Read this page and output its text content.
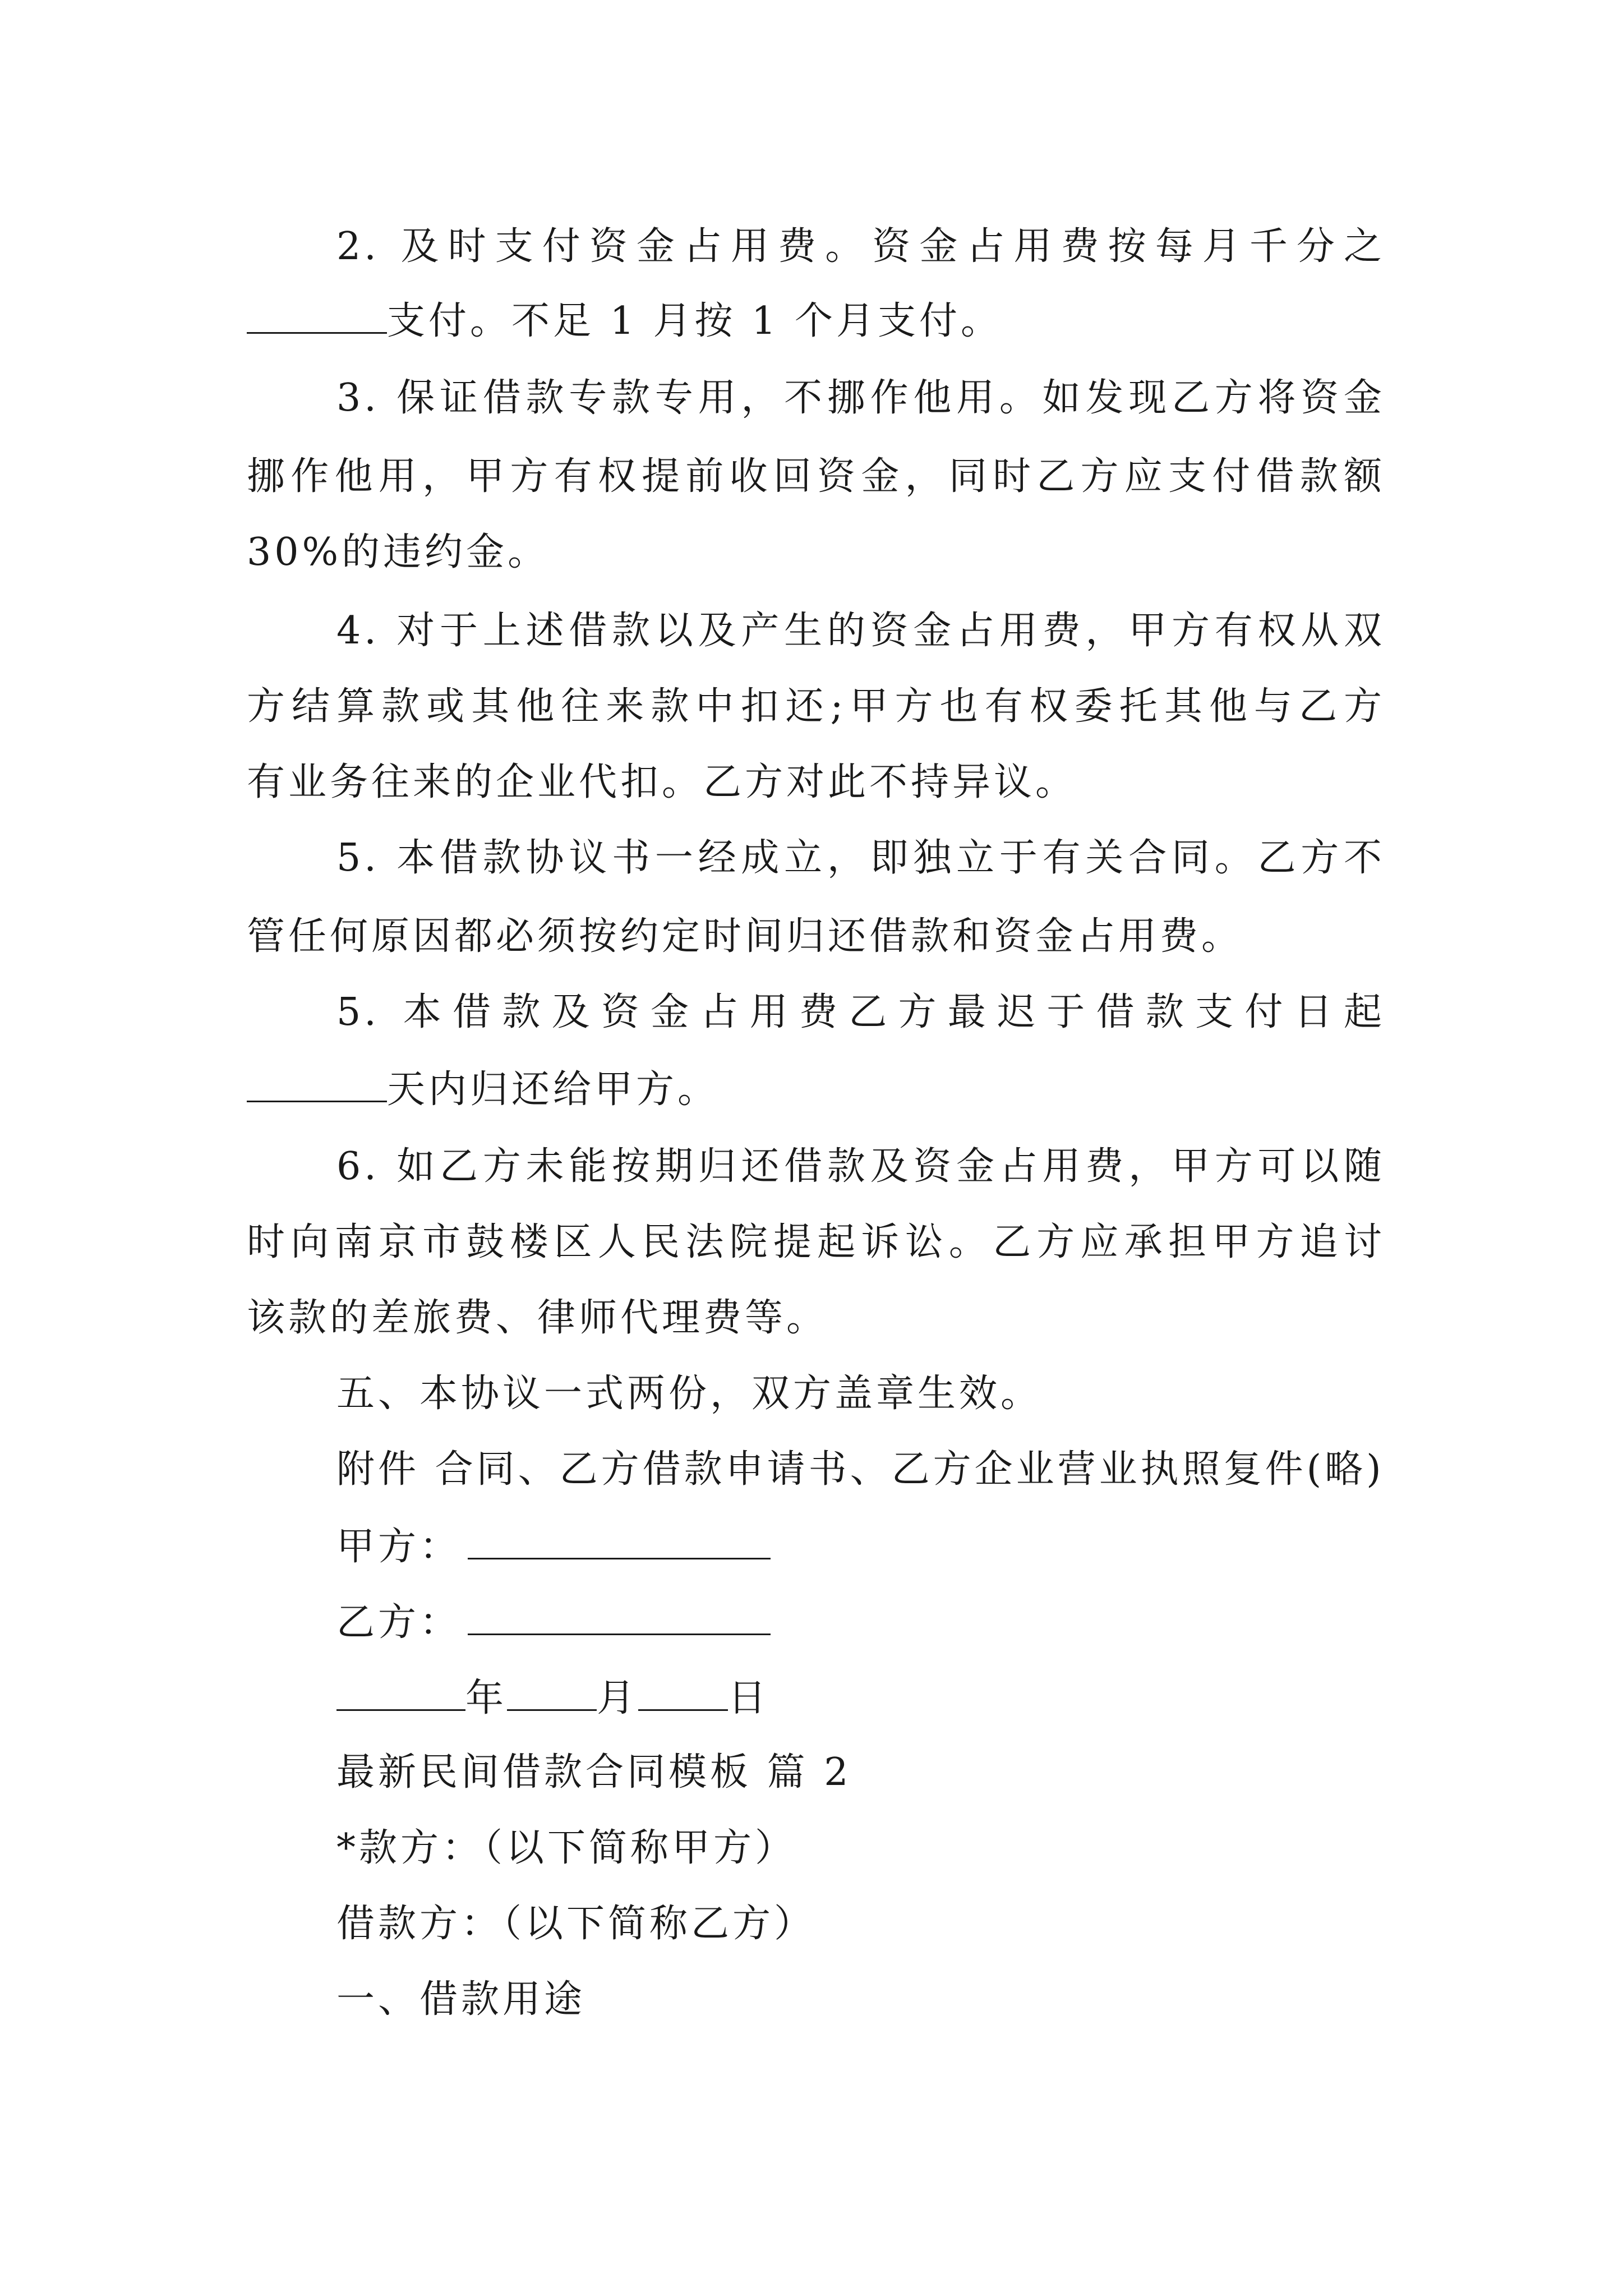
2. 及时支付资金占用费。资金占用费按每月千分之
支付。不足 1 月按 1 个月支付。
3. 保证借款专款专用，不挪作他用。如发现乙方将资金
挪作他用，甲方有权提前收回资金，同时乙方应支付借款额
30%的违约金。
4. 对于上述借款以及产生的资金占用费，甲方有权从双
方结算款或其他往来款中扣还;甲方也有权委托其他与乙方
有业务往来的企业代扣。乙方对此不持异议。
5. 本借款协议书一经成立，即独立于有关合同。乙方不
管任何原因都必须按约定时间归还借款和资金占用费。
5. 本借款及资金占用费乙方最迟于借款支付日起
天内归还给甲方。
6. 如乙方未能按期归还借款及资金占用费，甲方可以随
时向南京市鼓楼区人民法院提起诉讼。乙方应承担甲方追讨
该款的差旅费、律师代理费等。
五、本协议一式两份，双方盖章生效。
附件 合同、乙方借款申请书、乙方企业营业执照复件(略)
甲方：
乙方：
年 月 日
最新民间借款合同模板 篇 2
*款方：（以下简称甲方）
借款方：（以下简称乙方）
一、借款用途
